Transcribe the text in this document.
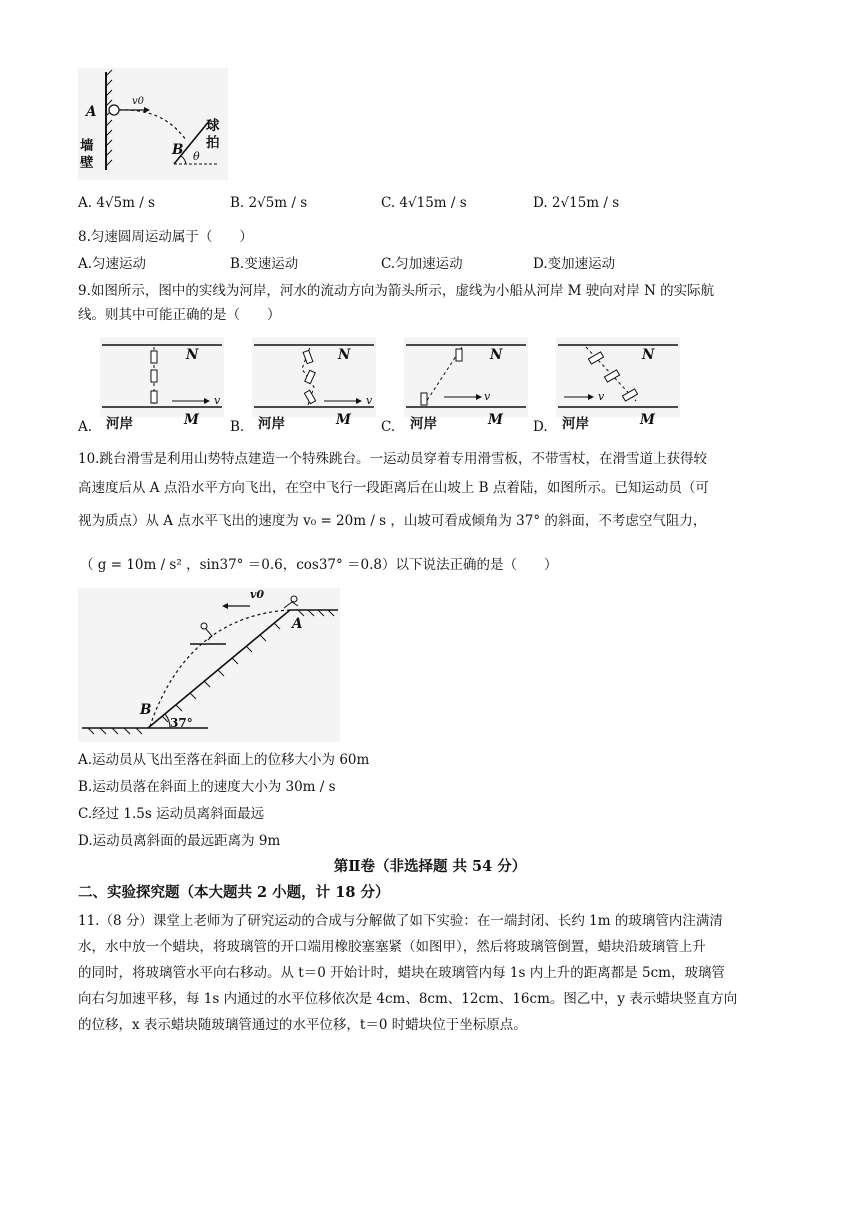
A
v0
B θ
墙
壁
球
拍
A. 4√5m / s	B. 2√5m / s	C. 4√15m / s	D. 2√15m / s
8.匀速圆周运动属于（　　）
A.匀速运动	B.变速运动	C.匀加速运动	D.变加速运动
9.如图所示，图中的实线为河岸，河水的流动方向为箭头所示，虚线为小船从河岸 M 驶向对岸 N 的实际航
线。则其中可能正确的是（　　）
N
M
河岸
v
A.
N
M
河岸
v
B.
N
M
河岸
v
C.
N
M
河岸
v
D.
10.跳台滑雪是利用山势特点建造一个特殊跳台。一运动员穿着专用滑雪板，不带雪杖，在滑雪道上获得较
高速度后从 A 点沿水平方向飞出，在空中飞行一段距离后在山坡上 B 点着陆，如图所示。已知运动员（可
视为质点）从 A 点水平飞出的速度为 v₀ = 20m / s ，山坡可看成倾角为 37° 的斜面，不考虑空气阻力，
（ g = 10m / s² ，sin37° ＝0.6，cos37° ＝0.8）以下说法正确的是（　　）
v0
A
B
37°
A.运动员从飞出至落在斜面上的位移大小为 60m
B.运动员落在斜面上的速度大小为 30m / s
C.经过 1.5s 运动员离斜面最远
D.运动员离斜面的最远距离为 9m
第Ⅱ卷（非选择题 共 54 分）
二、实验探究题（本大题共 2 小题，计 18 分）
11.（8 分）课堂上老师为了研究运动的合成与分解做了如下实验：在一端封闭、长约 1m 的玻璃管内注满清
水，水中放一个蜡块，将玻璃管的开口端用橡胶塞塞紧（如图甲），然后将玻璃管倒置，蜡块沿玻璃管上升
的同时，将玻璃管水平向右移动。从 t＝0 开始计时，蜡块在玻璃管内每 1s 内上升的距离都是 5cm，玻璃管
向右匀加速平移，每 1s 内通过的水平位移依次是 4cm、8cm、12cm、16cm。图乙中，y 表示蜡块竖直方向
的位移，x 表示蜡块随玻璃管通过的水平位移，t＝0 时蜡块位于坐标原点。
